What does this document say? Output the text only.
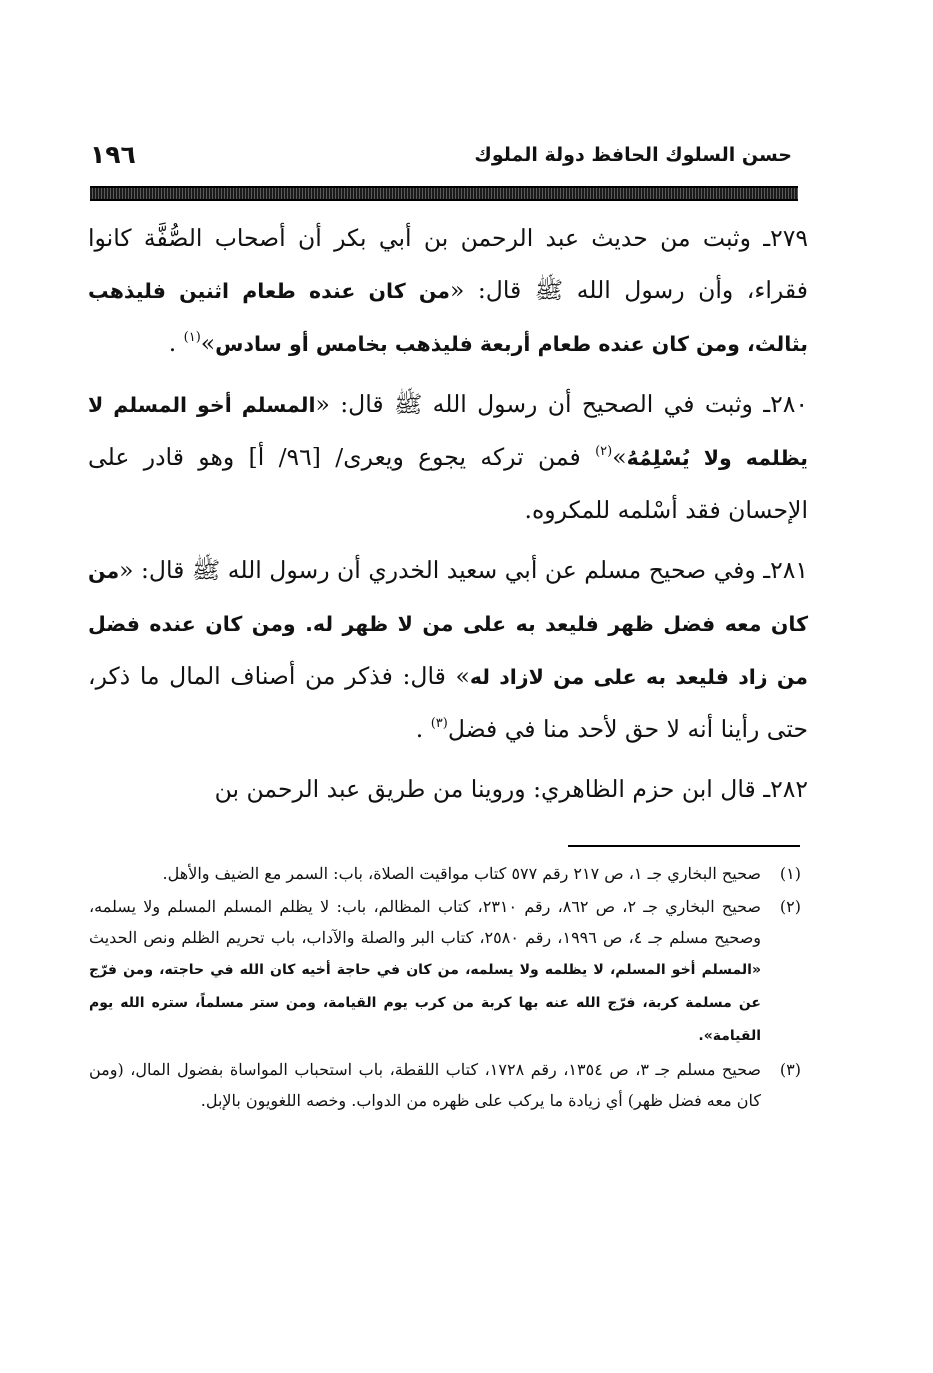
حسن السلوك الحافظ دولة الملوك
١٩٦

٢٧٩ـ وثبت من حديث عبد الرحمن بن أبي بكر أن أصحاب الصُّفَّة كانوا فقراء، وأن رسول الله ﷺ قال: «من كان عنده طعام اثنين فليذهب بثالث، ومن كان عنده طعام أربعة فليذهب بخامس أو سادس»$^{(١)}$ .

٢٨٠ـ وثبت في الصحيح أن رسول الله ﷺ قال: «المسلم أخو المسلم لا يظلمه ولا يُسْلِمُهُ»$^{(٢)}$ فمن تركه يجوع ويعرى/ [٩٦/ أ] وهو قادر على الإحسان فقد أسْلمه للمكروه.

٢٨١ـ وفي صحيح مسلم عن أبي سعيد الخدري أن رسول الله ﷺ قال: «من كان معه فضل ظهر فليعد به على من لا ظهر له. ومن كان عنده فضل من زاد فليعد به على من لازاد له» قال: فذكر من أصناف المال ما ذكر، حتى رأينا أنه لا حق لأحد منا في فضل$^{(٣)}$ .

٢٨٢ـ قال ابن حزم الظاهري: وروينا من طريق عبد الرحمن بن

(١)
صحيح البخاري جـ ١، ص ٢١٧ رقم ٥٧٧ كتاب مواقيت الصلاة، باب: السمر مع الضيف والأهل.

(٢)
صحيح البخاري جـ ٢، ص ٨٦٢، رقم ٢٣١٠، كتاب المظالم، باب: لا يظلم المسلم المسلم ولا يسلمه، وصحيح مسلم جـ ٤، ص ١٩٩٦، رقم ٢٥٨٠، كتاب البر والصلة والآداب، باب تحريم الظلم ونص الحديث «المسلم أخو المسلم، لا يظلمه ولا يسلمه، من كان في حاجة أخيه كان الله في حاجته، ومن فرّج عن مسلمة كربة، فرّج الله عنه بها كربة من كرب يوم القيامة، ومن ستر مسلماً، ستره الله يوم القيامة».

(٣)
صحيح مسلم جـ ٣، ص ١٣٥٤، رقم ١٧٢٨، كتاب اللقطة، باب استحباب المواساة بفضول المال، (ومن كان معه فضل ظهر) أي زيادة ما يركب على ظهره من الدواب. وخصه اللغويون بالإبل.
